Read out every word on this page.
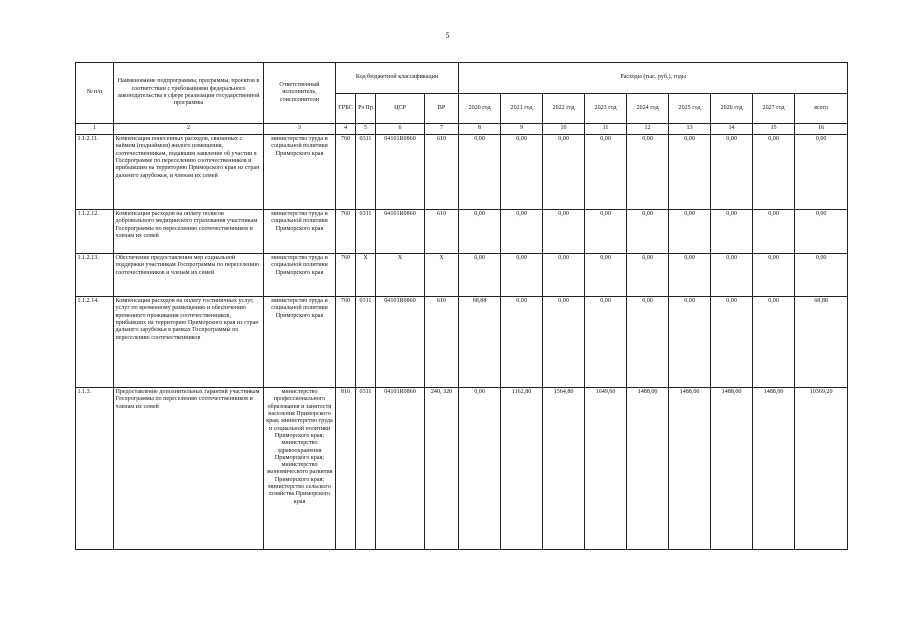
5
№ п/п	Наименование подпрограммы, программы, проектов в соответствии с требованиями федерального законодательства в сфере реализации государственной программы	Ответственный исполнитель, соисполнители	Код бюджетной классификации				Расходы (тыс. руб.), годы								
			ГРБС	Рз Пр	ЦСР	ВР	2020 год	2021 год	2022 год	2023 год	2024 год	2025 год	2026 год	2027 год	всего
1	2	3	4	5	6	7	8	9	10	11	12	13	14	15	16
1.1.2.11.	Компенсация понесенных расходов, связанных с наймом (поднаймом) жилого помещения, соотечественникам, подавшим заявление об участии в Госпрограмме по переселению соотечественников и прибывшим на территорию Приморского края из стран дальнего зарубежья, и членам их семей	министерство труда и социальной политики Приморского края	760	0311	04101R0860	610	0,00	0,00	0,00	0,00	0,00	0,00	0,00	0,00	0,00
1.1.2.12.	Компенсация расходов на оплату полисов добровольного медицинского страхования участникам Госпрограммы по переселению соотечественников и членам их семей	министерство труда и социальной политики Приморского края	760	0311	04101R0860	610	0,00	0,00	0,00	0,00	0,00	0,00	0,00	0,00	0,00
1.1.2.13.	Обеспечение предоставления мер социальной поддержки участникам Госпрограммы по переселению соотечественников и членам их семей	министерство труда и социальной политики Приморского края	760	X	X	X	0,00	0,00	0,00	0,00	0,00	0,00	0,00	0,00	0,00
1.1.2.14.	Компенсация расходов на оплату гостиничных услуг, услуг по временному размещению и обеспечению временного проживания соотечественников, прибывших на территорию Приморского края из стран дальнего зарубежья в рамках Госпрограммы по переселению соотечественников	министерство труда и социальной политики Приморского края	760	0311	04101R0860	610	68,88	0,00	0,00	0,00	0,00	0,00	0,00	0,00	68,88
1.1.3.	Предоставление дополнительных гарантий участникам Госпрограммы по переселению соотечественников и членам их семей	министерство профессионального образования и занятости населения Приморского края; министерство труда и социальной политики Приморского края; министерство здравоохранения Приморского края; министерство экономического развития Приморского края; министерство сельского хозяйства Приморского края	810	0311	04101R0860	240, 320	0,00	1162,80	1564,80	1649,60	1488,00	1488,00	1488,00	1488,00	10369,20
